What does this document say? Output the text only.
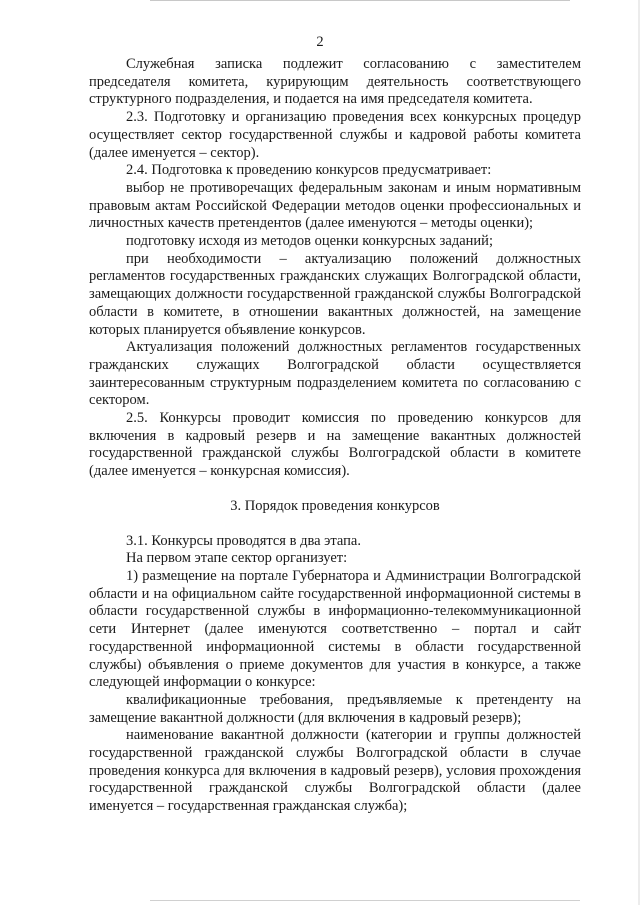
2

Служебная записка подлежит согласованию с заместителем председателя комитета, курирующим деятельность соответствующего структурного подразделения, и подается на имя председателя комитета.

2.3. Подготовку и организацию проведения всех конкурсных процедур осуществляет сектор государственной службы и кадровой работы комитета (далее именуется – сектор).

2.4. Подготовка к проведению конкурсов предусматривает:

выбор не противоречащих федеральным законам и иным нормативным правовым актам Российской Федерации методов оценки профессиональных и личностных качеств претендентов (далее именуются – методы оценки);

подготовку исходя из методов оценки конкурсных заданий;

при необходимости – актуализацию положений должностных регламентов государственных гражданских служащих Волгоградской области, замещающих должности государственной гражданской службы Волгоградской области в комитете, в отношении вакантных должностей, на замещение которых планируется объявление конкурсов.

Актуализация положений должностных регламентов государственных гражданских служащих Волгоградской области осуществляется заинтересованным структурным подразделением комитета по согласованию с сектором.

2.5. Конкурсы проводит комиссия по проведению конкурсов для включения в кадровый резерв и на замещение вакантных должностей государственной гражданской службы Волгоградской области в комитете (далее именуется – конкурсная комиссия).

3. Порядок проведения конкурсов

3.1. Конкурсы проводятся в два этапа.

На первом этапе сектор организует:

1) размещение на портале Губернатора и Администрации Волгоградской области и на официальном сайте государственной информационной системы в области государственной службы в информационно-телекоммуникационной сети Интернет (далее именуются соответственно – портал и сайт государственной информационной системы в области государственной службы) объявления о приеме документов для участия в конкурсе, а также следующей информации о конкурсе:

квалификационные требования, предъявляемые к претенденту на замещение вакантной должности (для включения в кадровый резерв);

наименование вакантной должности (категории и группы должностей государственной гражданской службы Волгоградской области в случае проведения конкурса для включения в кадровый резерв), условия прохождения государственной гражданской службы Волгоградской области (далее именуется – государственная гражданская служба);
